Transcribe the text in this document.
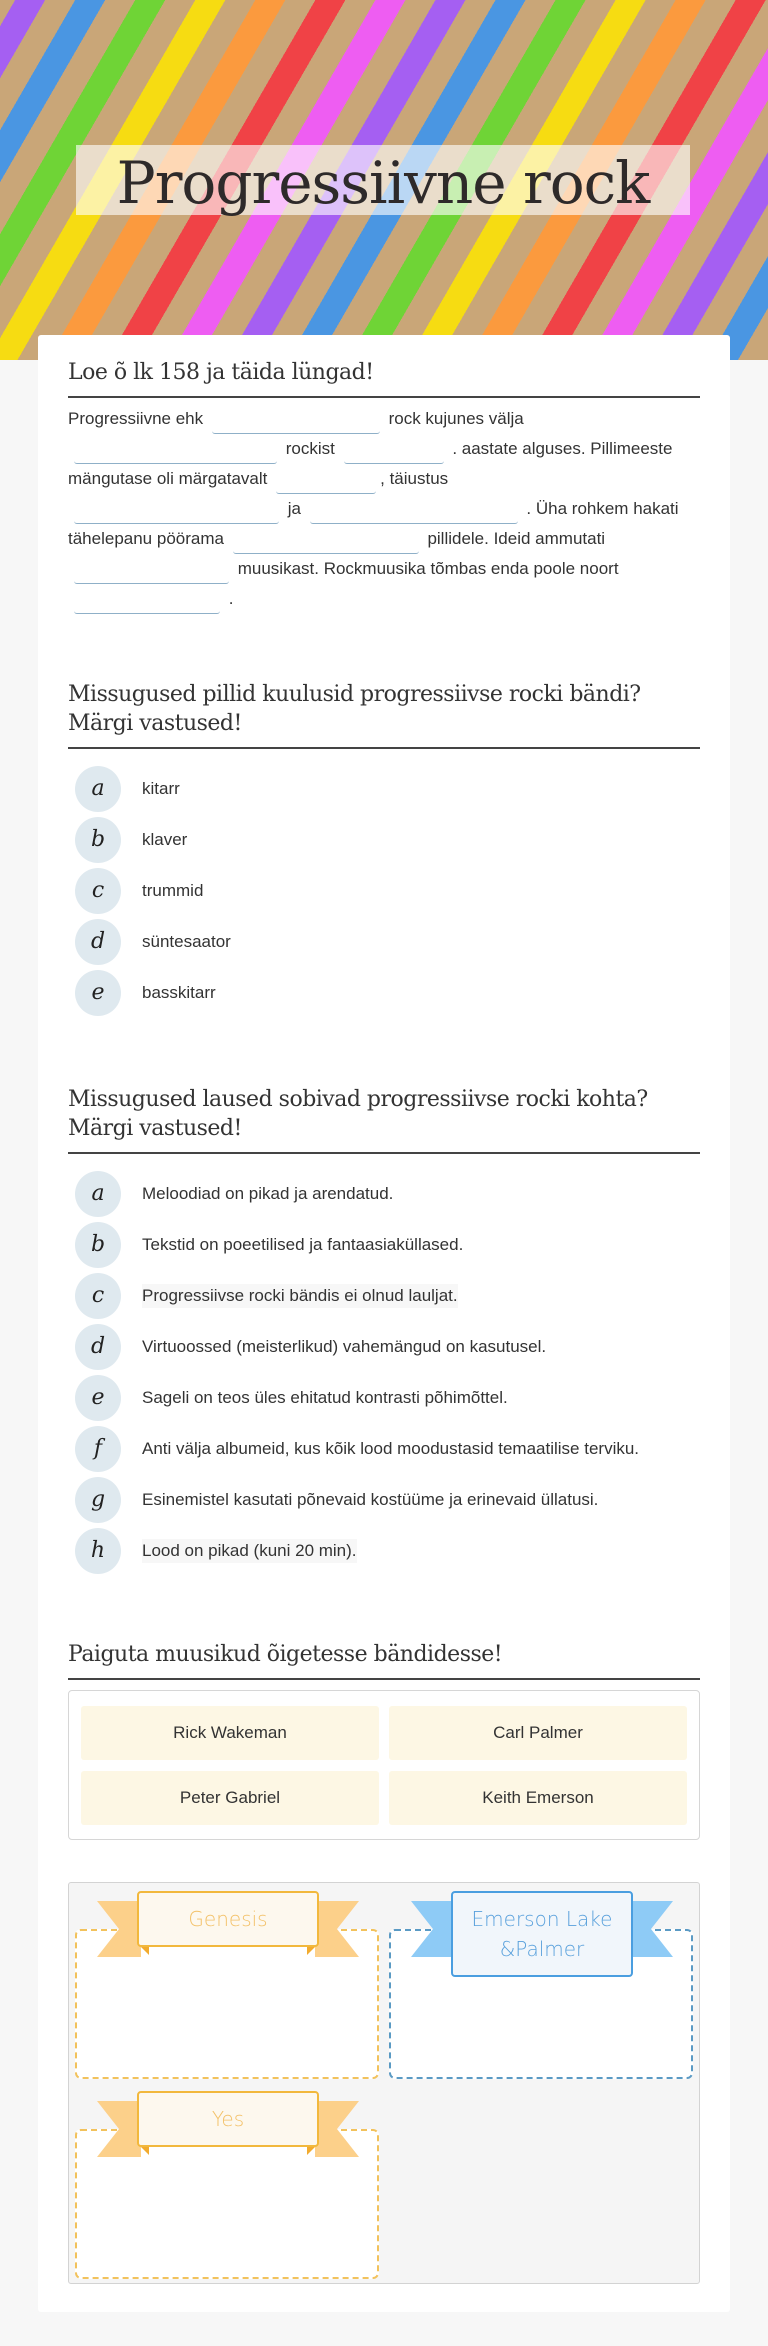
Progressiivne rock
Loe õ lk 158 ja täida lüngad!
Progressiivne ehk	rock kujunes välja
rockist	. aastate alguses. Pillimeeste
mängutase oli märgatavalt	, täiustus
ja	. Üha rohkem hakati
tähelepanu pöörama	pillidele. Ideid ammutati
muusikast. Rockmuusika tõmbas enda poole noort
.
Missugused pillid kuulusid progressiivse rocki bändi? Märgi vastused!
a	kitarr
b	klaver
c	trummid
d	süntesaator
e	basskitarr
Missugused laused sobivad progressiivse rocki kohta? Märgi vastused!
a	Meloodiad on pikad ja arendatud.
b	Tekstid on poeetilised ja fantaasiaküllased.
c	Progressiivse rocki bändis ei olnud lauljat.
d	Virtuoossed (meisterlikud) vahemängud on kasutusel.
e	Sageli on teos üles ehitatud kontrasti põhimõttel.
f	Anti välja albumeid, kus kõik lood moodustasid temaatilise terviku.
g	Esinemistel kasutati põnevaid kostüüme ja erinevaid üllatusi.
h	Lood on pikad (kuni 20 min).
Paiguta muusikud õigetesse bändidesse!
Rick Wakeman	Carl Palmer
Peter Gabriel	Keith Emerson
Genesis	Emerson Lake &Palmer
Yes
